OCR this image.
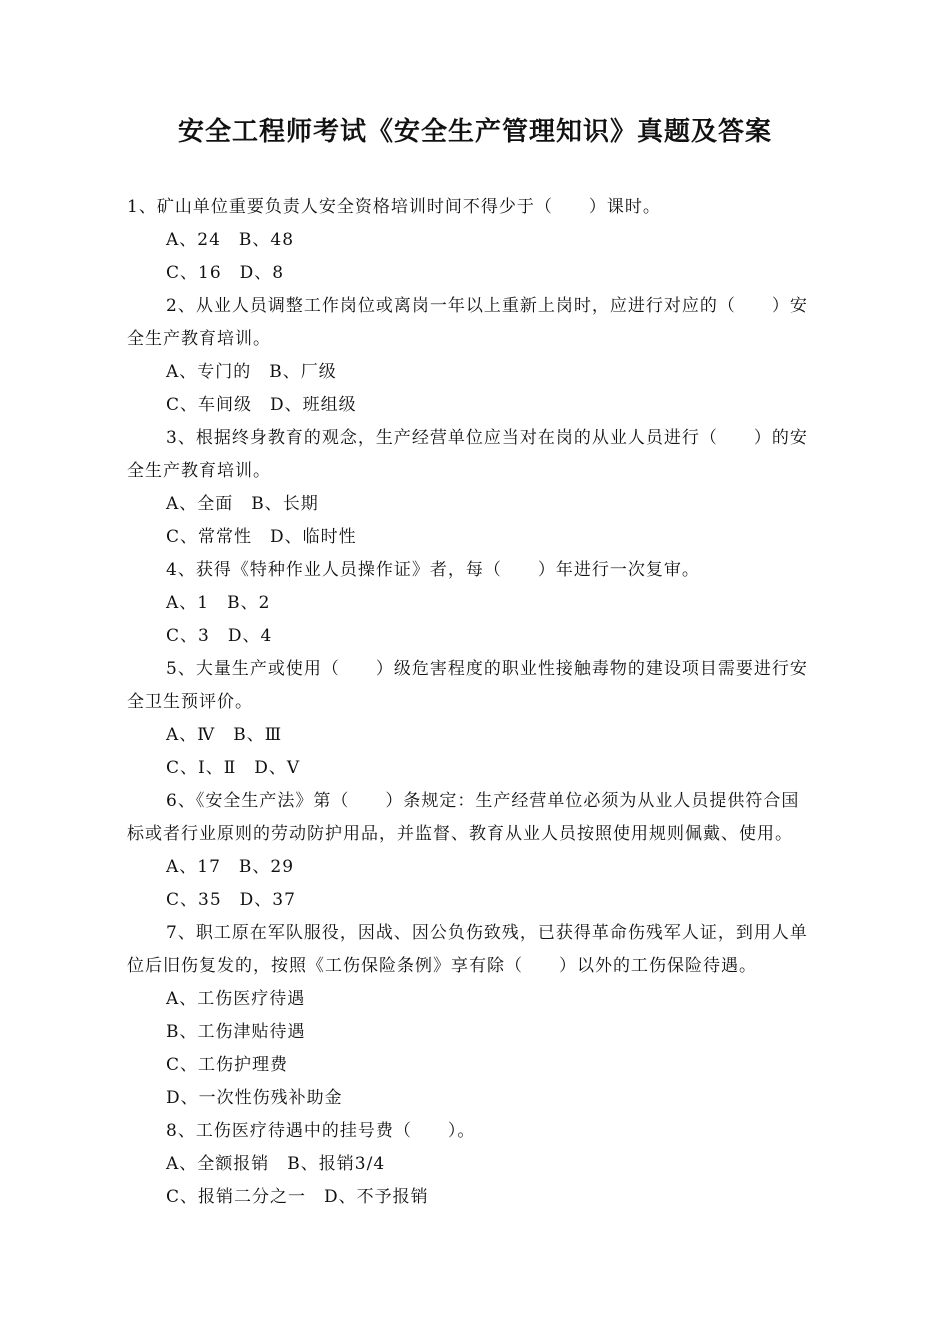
安全工程师考试《安全生产管理知识》真题及答案
1、矿山单位重要负责人安全资格培训时间不得少于（　　）课时。
A、24　B、48
C、16　D、8
2、从业人员调整工作岗位或离岗一年以上重新上岗时，应进行对应的（　　）安
全生产教育培训。
A、专门的　B、厂级
C、车间级　D、班组级
3、根据终身教育的观念，生产经营单位应当对在岗的从业人员进行（　　）的安
全生产教育培训。
A、全面　B、长期
C、常常性　D、临时性
4、获得《特种作业人员操作证》者，每（　　）年进行一次复审。
A、1　B、2
C、3　D、4
5、大量生产或使用（　　）级危害程度的职业性接触毒物的建设项目需要进行安
全卫生预评价。
A、Ⅳ　B、Ⅲ
C、Ⅰ、Ⅱ　D、Ⅴ
6、《安全生产法》第（　　）条规定：生产经营单位必须为从业人员提供符合国
标或者行业原则的劳动防护用品，并监督、教育从业人员按照使用规则佩戴、使用。
A、17　B、29
C、35　D、37
7、职工原在军队服役，因战、因公负伤致残，已获得革命伤残军人证，到用人单
位后旧伤复发的，按照《工伤保险条例》享有除（　　）以外的工伤保险待遇。
A、工伤医疗待遇
B、工伤津贴待遇
C、工伤护理费
D、一次性伤残补助金
8、工伤医疗待遇中的挂号费（　　）。
A、全额报销　B、报销3/4
C、报销二分之一　D、不予报销
